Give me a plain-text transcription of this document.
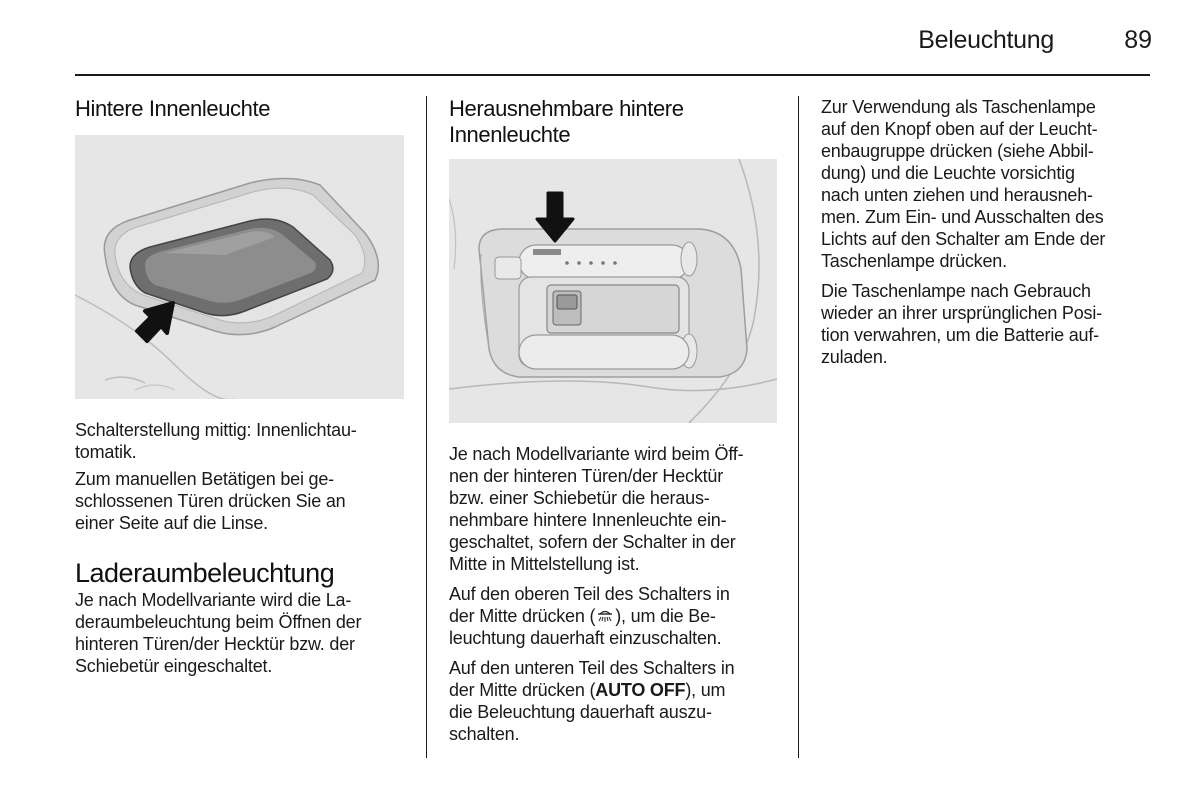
Beleuchtung	89
Hintere Innenleuchte

Schalterstellung mittig: Innenlichtau-

tomatik.

Zum manuellen Betätigen bei ge-

schlossenen Türen drücken Sie an

einer Seite auf die Linse.

Laderaumbeleuchtung

Je nach Modellvariante wird die La-

deraumbeleuchtung beim Öffnen der

hinteren Türen/der Hecktür bzw. der

Schiebetür eingeschaltet.

Herausnehmbare hintere
Innenleuchte

Je nach Modellvariante wird beim Öff-

nen der hinteren Türen/der Hecktür

bzw. einer Schiebetür die heraus-

nehmbare hintere Innenleuchte ein-

geschaltet, sofern der Schalter in der

Mitte in Mittelstellung ist.

Auf den oberen Teil des Schalters in

der Mitte drücken ( ), um die Be-

leuchtung dauerhaft einzuschalten.

Auf den unteren Teil des Schalters in

der Mitte drücken (AUTO OFF), um

die Beleuchtung dauerhaft auszu-

schalten.

Zur Verwendung als Taschenlampe

auf den Knopf oben auf der Leucht-

enbaugruppe drücken (siehe Abbil-

dung) und die Leuchte vorsichtig

nach unten ziehen und herausneh-

men. Zum Ein- und Ausschalten des

Lichts auf den Schalter am Ende der

Taschenlampe drücken.

Die Taschenlampe nach Gebrauch

wieder an ihrer ursprünglichen Posi-

tion verwahren, um die Batterie auf-

zuladen.
